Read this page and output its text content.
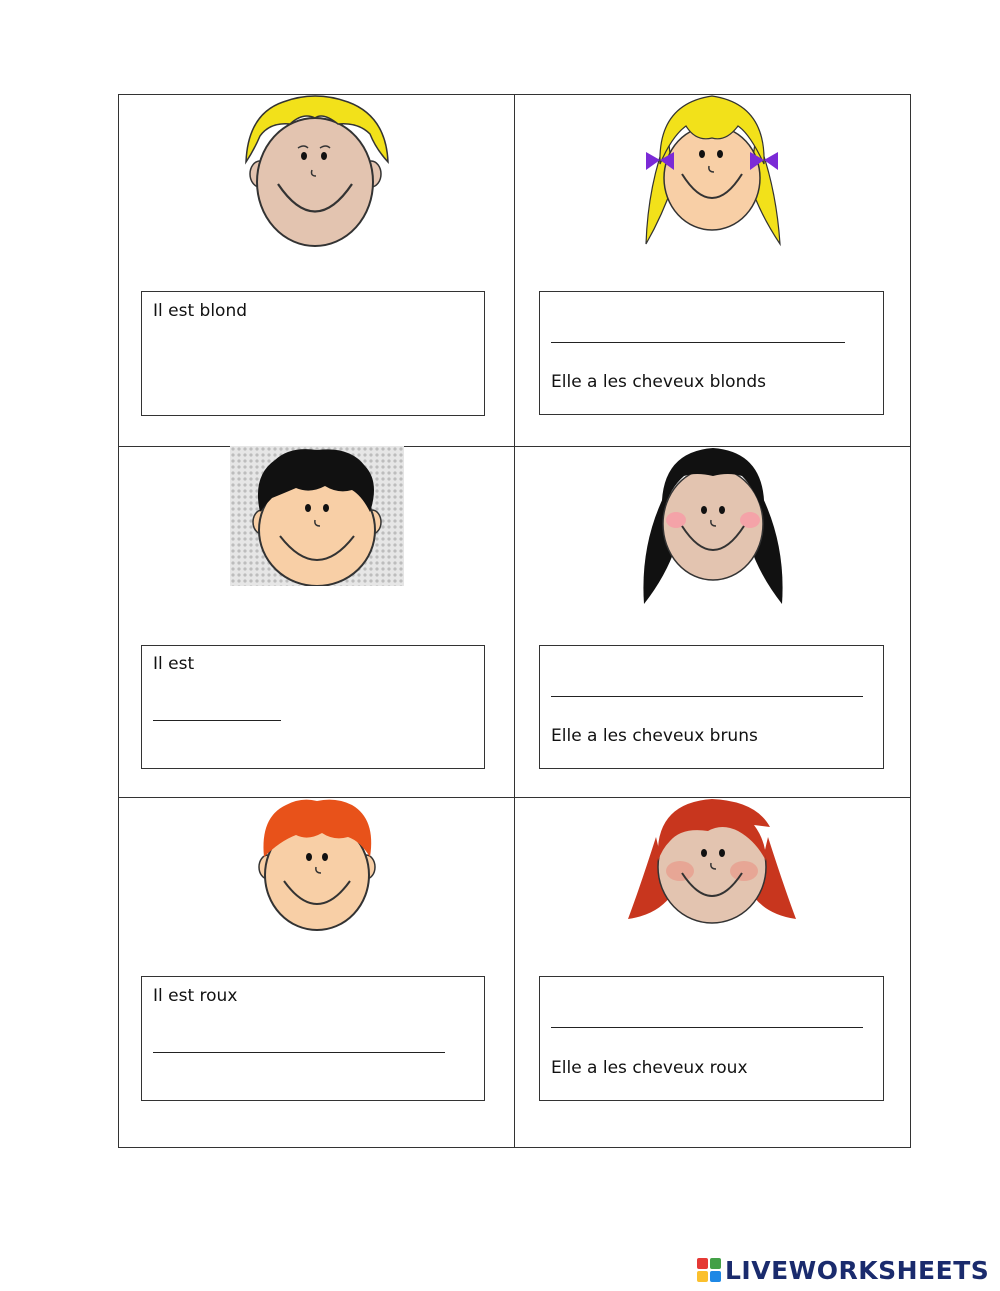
Il est blond
Elle a les cheveux blonds
Il est
Elle a les cheveux bruns
Il est roux
Elle a les cheveux roux
LIVEWORKSHEETS
